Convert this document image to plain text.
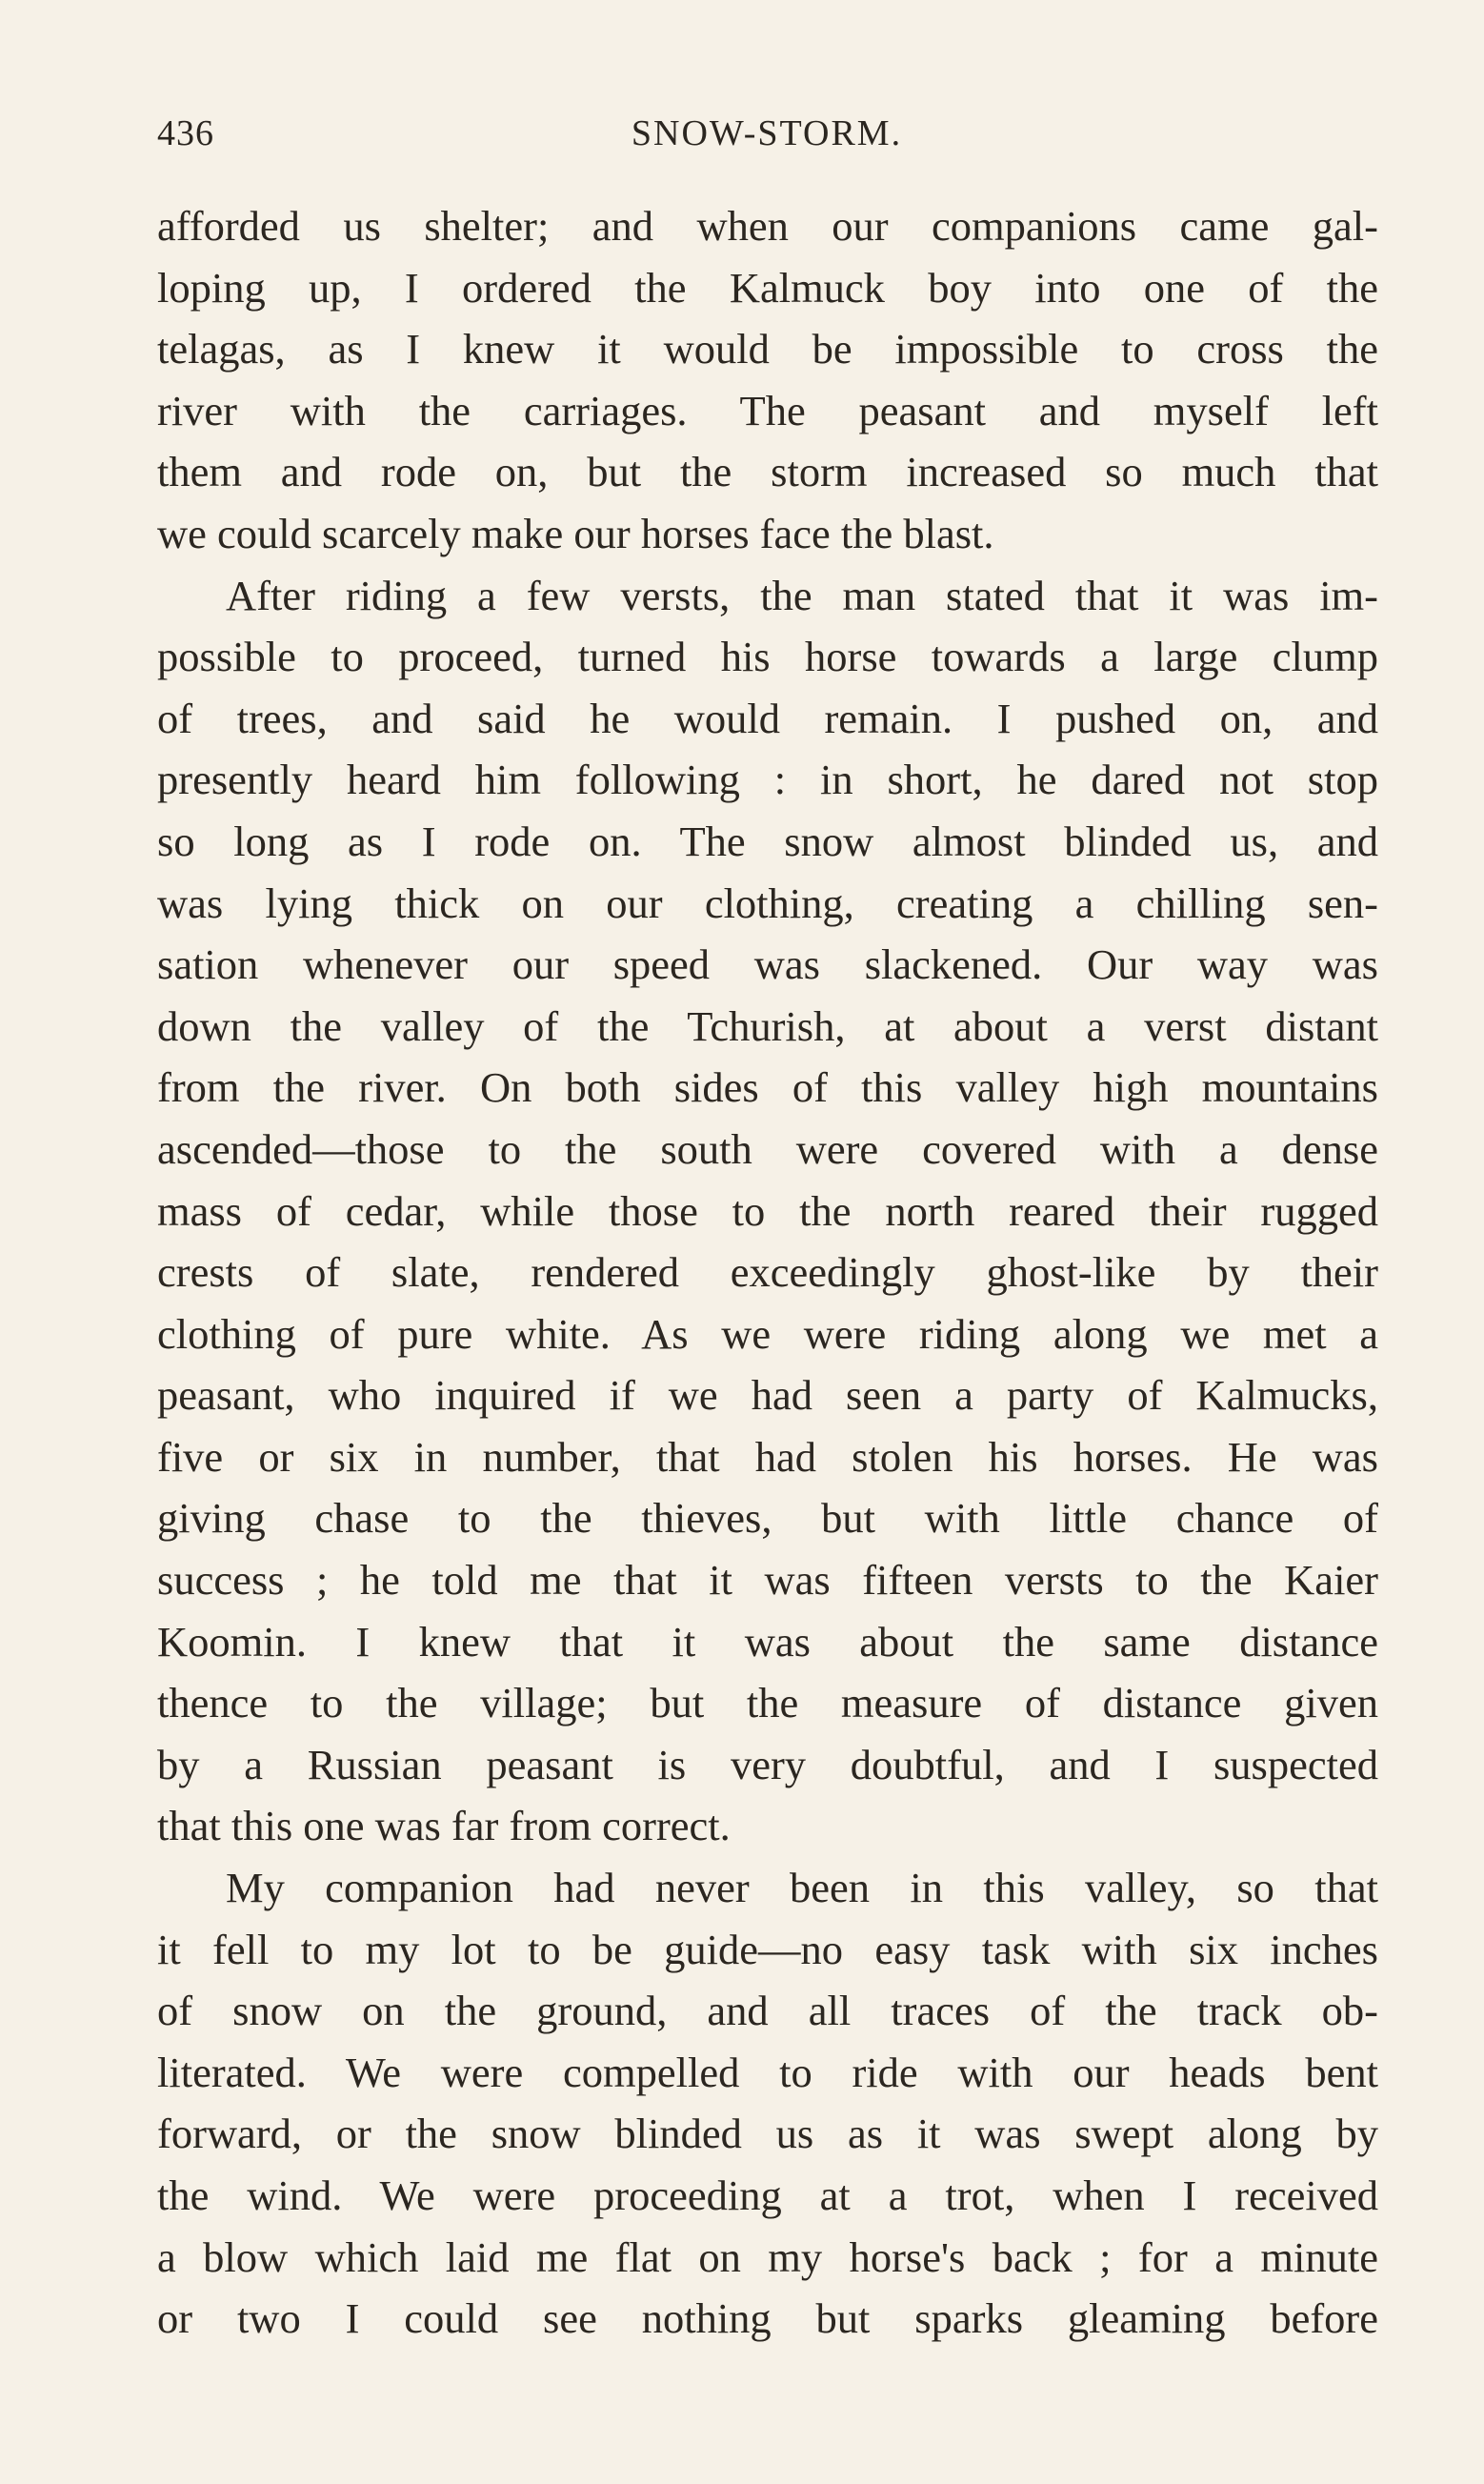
436	SNOW-STORM.
afforded us shelter; and when our companions came gal-
loping up, I ordered the Kalmuck boy into one of the
telagas, as I knew it would be impossible to cross the
river with the carriages. The peasant and myself left
them and rode on, but the storm increased so much that
we could scarcely make our horses face the blast.
After riding a few versts, the man stated that it was im-
possible to proceed, turned his horse towards a large clump
of trees, and said he would remain. I pushed on, and
presently heard him following : in short, he dared not stop
so long as I rode on. The snow almost blinded us, and
was lying thick on our clothing, creating a chilling sen-
sation whenever our speed was slackened. Our way was
down the valley of the Tchurish, at about a verst distant
from the river. On both sides of this valley high mountains
ascended—those to the south were covered with a dense
mass of cedar, while those to the north reared their rugged
crests of slate, rendered exceedingly ghost-like by their
clothing of pure white. As we were riding along we met a
peasant, who inquired if we had seen a party of Kalmucks,
five or six in number, that had stolen his horses. He was
giving chase to the thieves, but with little chance of
success ; he told me that it was fifteen versts to the Kaier
Koomin. I knew that it was about the same distance
thence to the village; but the measure of distance given
by a Russian peasant is very doubtful, and I suspected
that this one was far from correct.
My companion had never been in this valley, so that
it fell to my lot to be guide—no easy task with six inches
of snow on the ground, and all traces of the track ob-
literated. We were compelled to ride with our heads bent
forward, or the snow blinded us as it was swept along by
the wind. We were proceeding at a trot, when I received
a blow which laid me flat on my horse's back ; for a minute
or two I could see nothing but sparks gleaming before
